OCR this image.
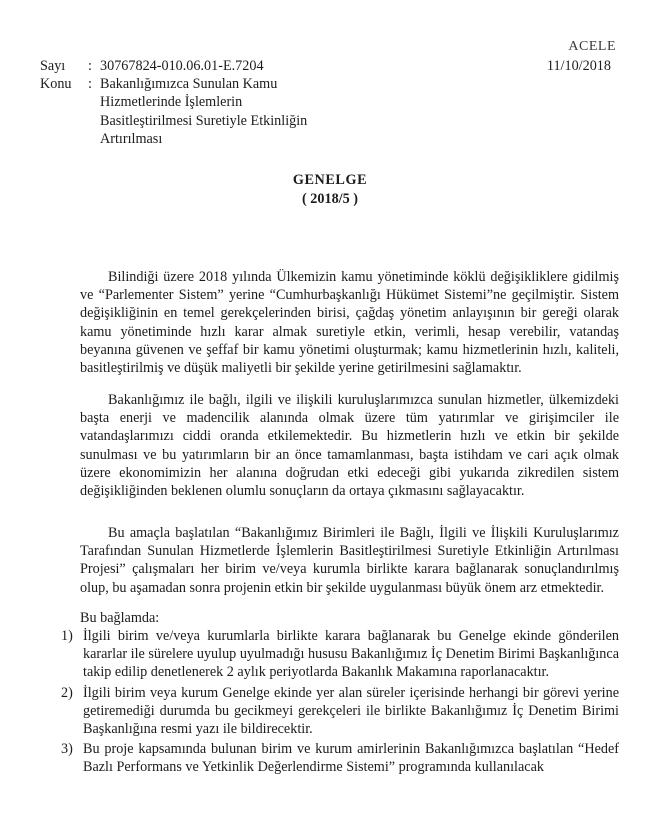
ACELE
11/10/2018
Sayı	: 30767824-010.06.01-E.7204
Konu	: Bakanlığımızca Sunulan Kamu
Hizmetlerinde İşlemlerin
Basitleştirilmesi Suretiyle Etkinliğin
Artırılması
GENELGE
( 2018/5 )

Bilindiği üzere 2018 yılında Ülkemizin kamu yönetiminde köklü değişikliklere gidilmiş ve “Parlementer Sistem” yerine “Cumhurbaşkanlığı Hükümet Sistemi”ne geçilmiştir. Sistem değişikliğinin en temel gerekçelerinden birisi, çağdaş yönetim anlayışının bir gereği olarak kamu yönetiminde hızlı karar almak suretiyle etkin, verimli, hesap verebilir, vatandaş beyanına güvenen ve şeffaf bir kamu yönetimi oluşturmak; kamu hizmetlerinin hızlı, kaliteli, basitleştirilmiş ve düşük maliyetli bir şekilde yerine getirilmesini sağlamaktır.

Bakanlığımız ile bağlı, ilgili ve ilişkili kuruluşlarımızca sunulan hizmetler, ülkemizdeki başta enerji ve madencilik alanında olmak üzere tüm yatırımlar ve girişimciler ile vatandaşlarımızı ciddi oranda etkilemektedir. Bu hizmetlerin hızlı ve etkin bir şekilde sunulması ve bu yatırımların bir an önce tamamlanması, başta istihdam ve cari açık olmak üzere ekonomimizin her alanına doğrudan etki edeceği gibi yukarıda zikredilen sistem değişikliğinden beklenen olumlu sonuçların da ortaya çıkmasını sağlayacaktır.

Bu amaçla başlatılan “Bakanlığımız Birimleri ile Bağlı, İlgili ve İlişkili Kuruluşlarımız Tarafından Sunulan Hizmetlerde İşlemlerin Basitleştirilmesi Suretiyle Etkinliğin Artırılması Projesi” çalışmaları her birim ve/veya kurumla birlikte karara bağlanarak sonuçlandırılmış olup, bu aşamadan sonra projenin etkin bir şekilde uygulanması büyük önem arz etmektedir.

Bu bağlamda:
1) İlgili birim ve/veya kurumlarla birlikte karara bağlanarak bu Genelge ekinde gönderilen kararlar ile sürelere uyulup uyulmadığı hususu Bakanlığımız İç Denetim Birimi Başkanlığınca takip edilip denetlenerek 2 aylık periyotlarda Bakanlık Makamına raporlanacaktır.
2) İlgili birim veya kurum Genelge ekinde yer alan süreler içerisinde herhangi bir görevi yerine getiremediği durumda bu gecikmeyi gerekçeleri ile birlikte Bakanlığımız İç Denetim Birimi Başkanlığına resmi yazı ile bildirecektir.
3) Bu proje kapsamında bulunan birim ve kurum amirlerinin Bakanlığımızca başlatılan “Hedef Bazlı Performans ve Yetkinlik Değerlendirme Sistemi” programında kullanılacak
